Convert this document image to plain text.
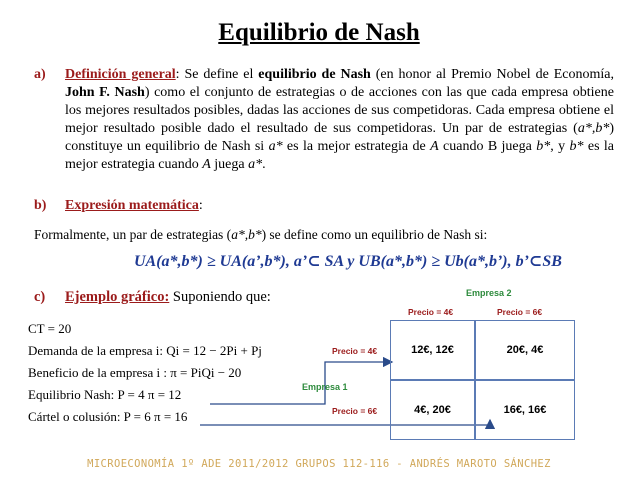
Equilibrio de Nash
a)	Definición general: Se define el equilibrio de Nash (en honor al Premio Nobel de Economía, John F. Nash) como el conjunto de estrategias o de acciones con las que cada empresa obtiene los mejores resultados posibles, dadas las acciones de sus competidoras. Cada empresa obtiene el mejor resultado posible dado el resultado de sus competidoras. Un par de estrategias (a*,b*) constituye un equilibrio de Nash si a* es la mejor estrategia de A cuando B juega b*, y b* es la mejor estrategia cuando A juega a*.
b) Expresión matemática:
Formalmente, un par de estrategias (a*,b*) se define como un equilibrio de Nash si:
UA(a*,b*) ≥ UA(a’,b*), a’⊂ SA y UB(a*,b*) ≥ Ub(a*,b’), b’⊂SB
c) Ejemplo gráfico: Suponiendo que:
CT = 20
Demanda de la empresa i: Qi = 12 − 2Pi + Pj
Beneficio de la empresa i : π = PiQi − 20
Equilibrio Nash: P = 4 π = 12
Cártel o colusión: P = 6 π = 16
Empresa 2
Precio = 4€	Precio = 6€
Empresa 1
Precio = 4€
Precio = 6€
12€, 12€	20€, 4€
4€, 20€	16€, 16€
MICROECONOMÍA 1º ADE 2011/2012 GRUPOS 112-116 - ANDRÉS MAROTO SÁNCHEZ
